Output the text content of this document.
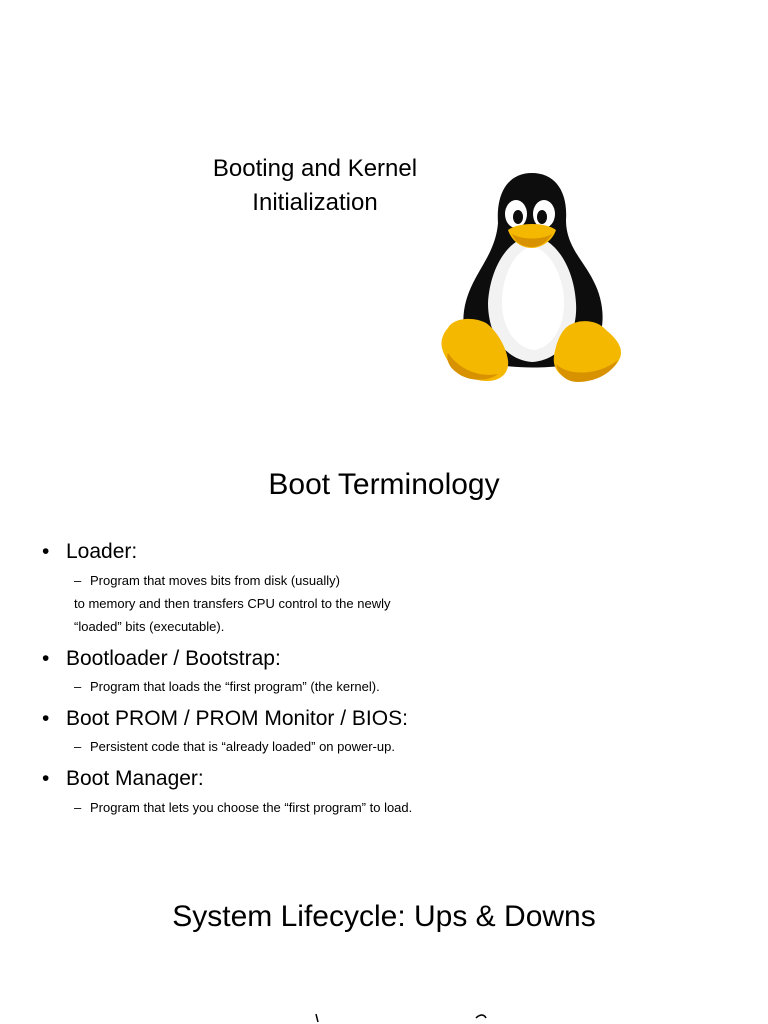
Booting and Kernel
Initialization
Boot Terminology
• Loader:
– Program that moves bits from disk (usually)
to memory and then transfers CPU control to the newly
“loaded” bits (executable).
• Bootloader / Bootstrap:
– Program that loads the “first program” (the kernel).
• Boot PROM / PROM Monitor / BIOS:
– Persistent code that is “already loaded” on power-up.
• Boot Manager:
– Program that lets you choose the “first program” to load.
System Lifecycle: Ups & Downs
